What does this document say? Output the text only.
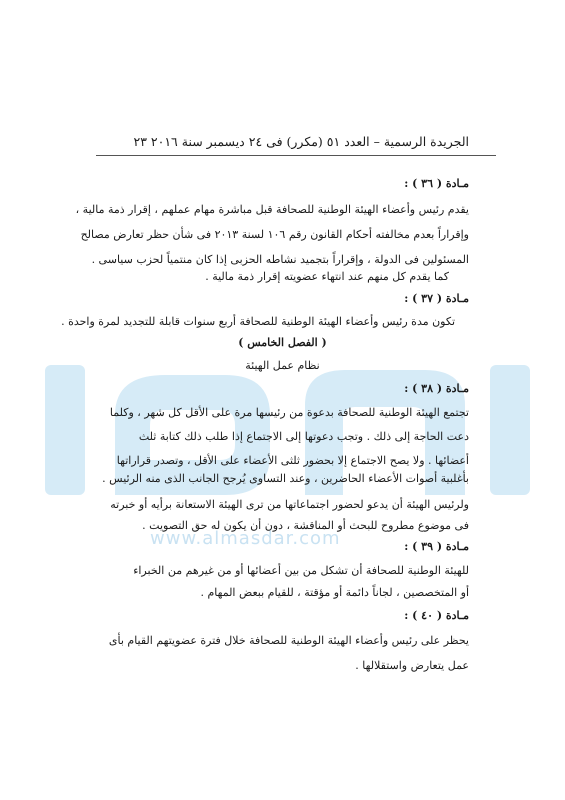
www.almasdar.com
الجريدة الرسمية – العدد ٥١ (مكرر) فى ٢٤ ديسمبر سنة ٢٠١٦ ٢٣
مـادة ( ٣٦ ) :
يقدم رئيس وأعضاء الهيئة الوطنية للصحافة قبل مباشرة مهام عملهم ، إقرار ذمة مالية ،
وإقراراً بعدم مخالفته أحكام القانون رقم ١٠٦ لسنة ٢٠١٣ فى شأن حظر تعارض مصالح
المسئولين فى الدولة ، وإقراراً بتجميد نشاطه الحزبى إذا كان منتمياً لحزب سياسى .
كما يقدم كل منهم عند انتهاء عضويته إقرار ذمة مالية .
مـادة ( ٣٧ ) :
تكون مدة رئيس وأعضاء الهيئة الوطنية للصحافة أربع سنوات قابلة للتجديد لمرة واحدة .
( الفصل الخامس )
نظام عمل الهيئة
مـادة ( ٣٨ ) :
تجتمع الهيئة الوطنية للصحافة بدعوة من رئيسها مرة على الأقل كل شهر ، وكلما
دعت الحاجة إلى ذلك . وتجب دعوتها إلى الاجتماع إذا طلب ذلك كتابة ثلث
أعضائها . ولا يصح الاجتماع إلا بحضور ثلثى الأعضاء على الأقل ، وتصدر قراراتها
بأغلبية أصوات الأعضاء الحاضرين ، وعند التساوى يُرجح الجانب الذى منه الرئيس .
ولرئيس الهيئة أن يدعو لحضور اجتماعاتها من ترى الهيئة الاستعانة برأيه أو خبرته
فى موضوع مطروح للبحث أو المناقشة ، دون أن يكون له حق التصويت .
مـادة ( ٣٩ ) :
للهيئة الوطنية للصحافة أن تشكل من بين أعضائها أو من غيرهم من الخبراء
أو المتخصصين ، لجاناً دائمة أو مؤقتة ، للقيام ببعض المهام .
مـادة ( ٤٠ ) :
يحظر على رئيس وأعضاء الهيئة الوطنية للصحافة خلال فترة عضويتهم القيام بأى
عمل يتعارض واستقلالها .
